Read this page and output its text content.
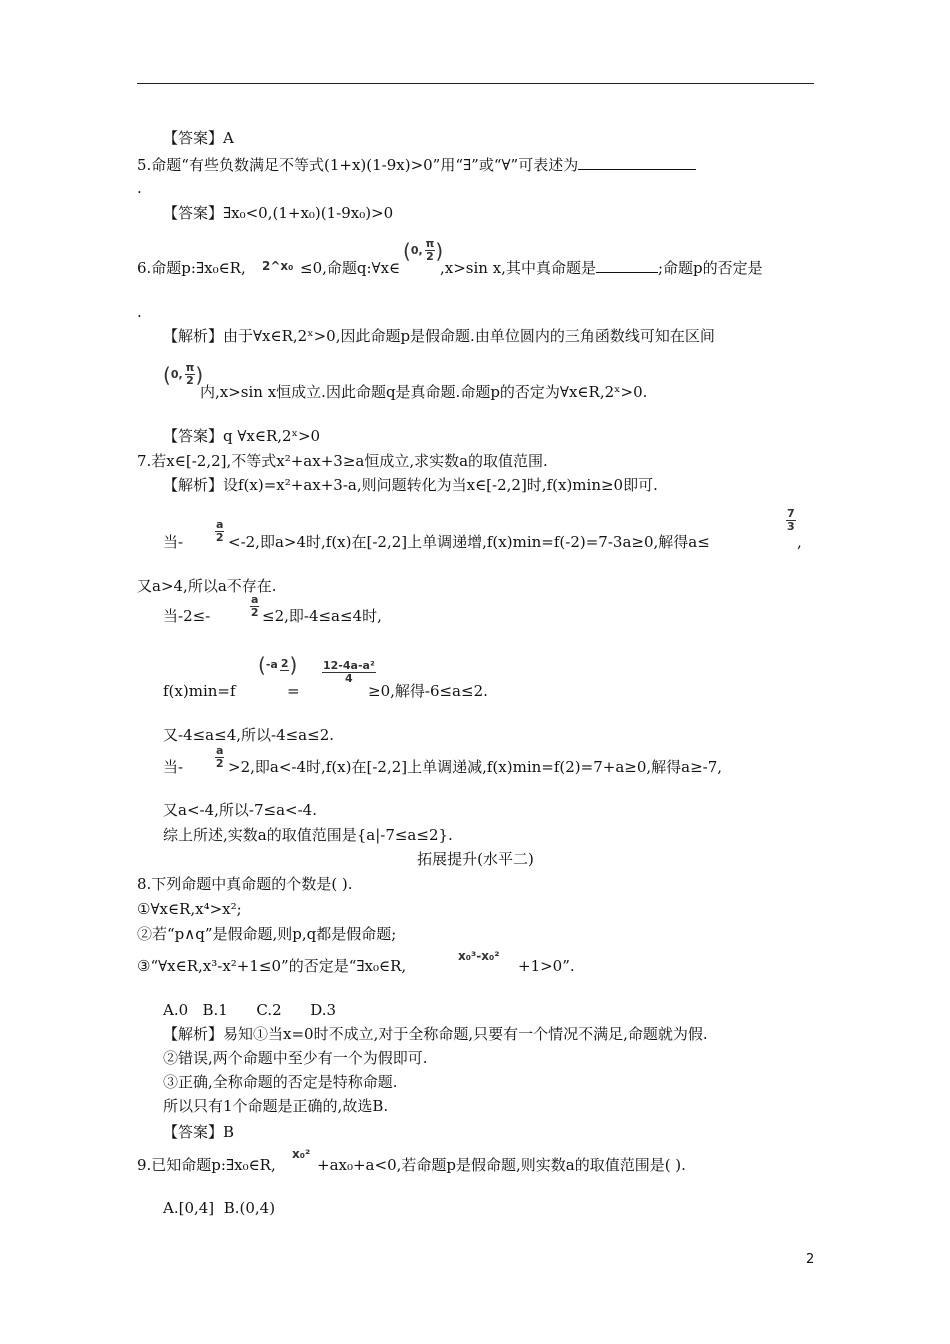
【答案】A
5.命题“有些负数满足不等式(1+x)(1-9x)>0”用“∃”或“∀”可表述为
.
【答案】∃x₀<0,(1+x₀)(1-9x₀)>0
6.命题p:∃x₀∈R, 2^x₀ ≤0,命题q:∀x∈
( 0, $\frac{\pi}{2}$ )
,x>sin x,其中真命题是	;命题p的否定是
.
【解析】由于∀x∈R,2ˣ>0,因此命题p是假命题.由单位圆内的三角函数线可知在区间
( 0, $\frac{\pi}{2}$ )
内,x>sin x恒成立.因此命题q是真命题.命题p的否定为∀x∈R,2ˣ>0.
【答案】q ∀x∈R,2ˣ>0
7.若x∈[-2,2],不等式x²+ax+3≥a恒成立,求实数a的取值范围.
【解析】设f(x)=x²+ax+3-a,则问题转化为当x∈[-2,2]时,f(x)min≥0即可.
当-	$\frac{a}{2} <-2$,即a>4时,f(x)在[-2,2]上单调递增,f(x)min=f(-2)=7-3a≥0,解得a≤
$\frac{7}{3}$
,
又a>4,所以a不存在.
当-2≤-	$\frac{a}{2} \le 2$,即-4≤a≤4时,
f(x)min=f
( -a 2 )
=
$\frac{\text{12-4a-a²}}{4}$
≥0,解得-6≤a≤2.
又-4≤a≤4,所以-4≤a≤2.
当-	$\frac{a}{2} >2$,即a<-4时,f(x)在[-2,2]上单调递减,f(x)min=f(2)=7+a≥0,解得a≥-7,
又a<-4,所以-7≤a<-4.
综上所述,实数a的取值范围是{a|-7≤a≤2}.
拓展提升(水平二)
8.下列命题中真命题的个数是( ).
①∀x∈R,x⁴>x²;
②若“p∧q”是假命题,则p,q都是假命题;
③“∀x∈R,x³-x²+1≤0”的否定是“∃x₀∈R,
x₀³-x₀²
+1>0”.
A.0   B.1      C.2      D.3
【解析】易知①当x=0时不成立,对于全称命题,只要有一个情况不满足,命题就为假.
②错误,两个命题中至少有一个为假即可.
③正确,全称命题的否定是特称命题.
所以只有1个命题是正确的,故选B.
【答案】B
9.已知命题p:∃x₀∈R,
x₀²
+ax₀+a<0,若命题p是假命题,则实数a的取值范围是( ).
A.[0,4]  B.(0,4)
2
